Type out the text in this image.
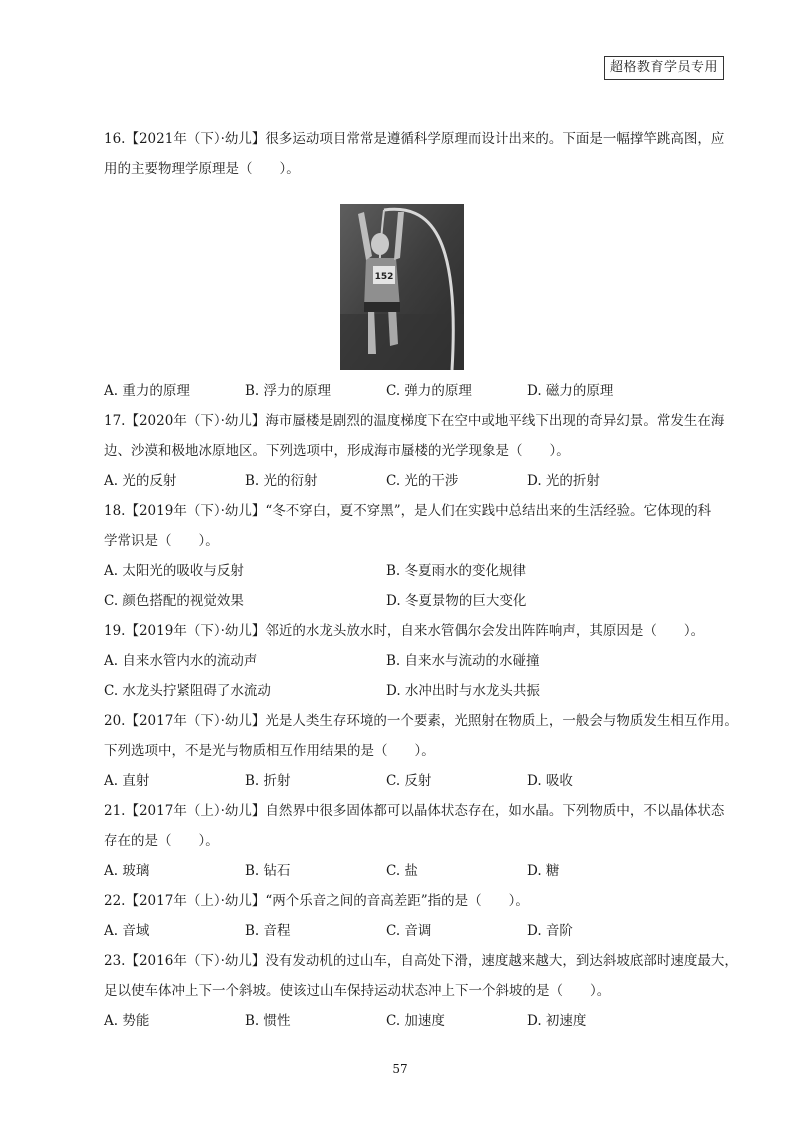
超格教育学员专用
16.【2021年（下）·幼儿】很多运动项目常常是遵循科学原理而设计出来的。下面是一幅撑竿跳高图，应
用的主要物理学原理是（　　）。
152
A. 重力的原理	B. 浮力的原理	C. 弹力的原理	D. 磁力的原理
17.【2020年（下）·幼儿】海市蜃楼是剧烈的温度梯度下在空中或地平线下出现的奇异幻景。常发生在海
边、沙漠和极地冰原地区。下列选项中，形成海市蜃楼的光学现象是（　　）。
A. 光的反射	B. 光的衍射	C. 光的干涉	D. 光的折射
18.【2019年（下）·幼儿】“冬不穿白，夏不穿黑”，是人们在实践中总结出来的生活经验。它体现的科
学常识是（　　）。
A. 太阳光的吸收与反射	B. 冬夏雨水的变化规律
C. 颜色搭配的视觉效果	D. 冬夏景物的巨大变化
19.【2019年（下）·幼儿】邻近的水龙头放水时，自来水管偶尔会发出阵阵响声，其原因是（　　）。
A. 自来水管内水的流动声	B. 自来水与流动的水碰撞
C. 水龙头拧紧阻碍了水流动	D. 水冲出时与水龙头共振
20.【2017年（下）·幼儿】光是人类生存环境的一个要素，光照射在物质上，一般会与物质发生相互作用。
下列选项中，不是光与物质相互作用结果的是（　　）。
A. 直射	B. 折射	C. 反射	D. 吸收
21.【2017年（上）·幼儿】自然界中很多固体都可以晶体状态存在，如水晶。下列物质中，不以晶体状态
存在的是（　　）。
A. 玻璃	B. 钻石	C. 盐	D. 糖
22.【2017年（上）·幼儿】“两个乐音之间的音高差距”指的是（　　）。
A. 音域	B. 音程	C. 音调	D. 音阶
23.【2016年（下）·幼儿】没有发动机的过山车，自高处下滑，速度越来越大，到达斜坡底部时速度最大，
足以使车体冲上下一个斜坡。使该过山车保持运动状态冲上下一个斜坡的是（　　）。
A. 势能	B. 惯性	C. 加速度	D. 初速度
57
